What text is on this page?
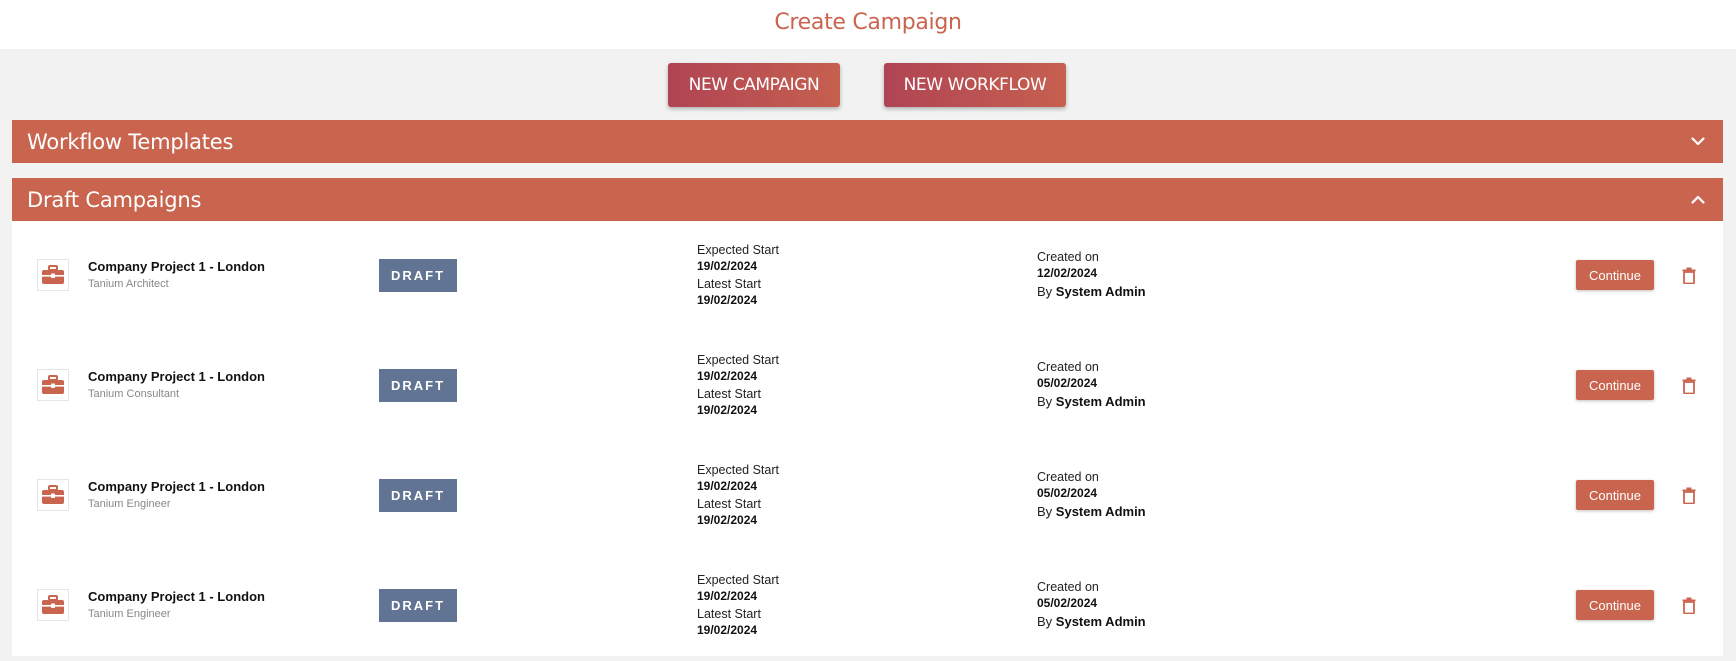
Create Campaign
NEW CAMPAIGN	NEW WORKFLOW
Workflow Templates
Draft Campaigns
Company Project 1 - London
Tanium Architect
DRAFT
Expected Start
19/02/2024
Latest Start
19/02/2024
Created on
12/02/2024
By System Admin
Continue
Company Project 1 - London
Tanium Consultant
DRAFT
Expected Start
19/02/2024
Latest Start
19/02/2024
Created on
05/02/2024
By System Admin
Continue
Company Project 1 - London
Tanium Engineer
DRAFT
Expected Start
19/02/2024
Latest Start
19/02/2024
Created on
05/02/2024
By System Admin
Continue
Company Project 1 - London
Tanium Engineer
DRAFT
Expected Start
19/02/2024
Latest Start
19/02/2024
Created on
05/02/2024
By System Admin
Continue
